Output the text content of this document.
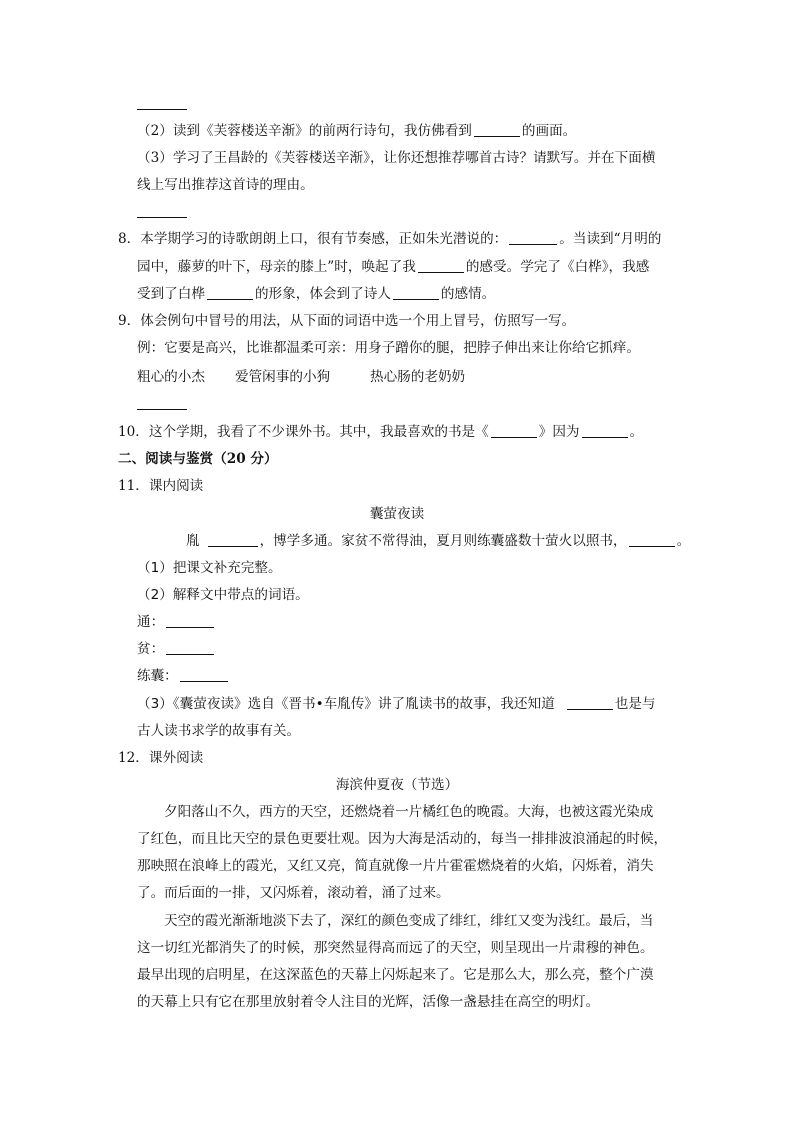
（2）读到《芙蓉楼送辛渐》的前两行诗句，我仿佛看到	的画面。
（3）学习了王昌龄的《芙蓉楼送辛渐》，让你还想推荐哪首古诗？请默写。并在下面横
线上写出推荐这首诗的理由。
8．本学期学习的诗歌朗朗上口，很有节奏感，正如朱光潜说的：	。当读到“月明的
园中，藤萝的叶下，母亲的膝上”时，唤起了我	的感受。学完了《白桦》，我感
受到了白桦	的形象，体会到了诗人	的感情。
9．体会例句中冒号的用法，从下面的词语中选一个用上冒号，仿照写一写。
例：它要是高兴，比谁都温柔可亲：用身子蹭你的腿，把脖子伸出来让你给它抓痒。
粗心的小杰 爱管闲事的小狗	热心肠的老奶奶
10．这个学期，我看了不少课外书。其中，我最喜欢的书是《	》因为	。
二、阅读与鉴赏（20 分）
11．课内阅读
囊萤夜读
胤	，博学多通。家贫不常得油，夏月则练囊盛数十萤火以照书，	。
（1）把课文补充完整。
（2）解释文中带点的词语。
通：
贫：
练囊：
（3）《囊萤夜读》选自《晋书•车胤传》讲了胤读书的故事，我还知道	也是与
古人读书求学的故事有关。
12．课外阅读
海滨仲夏夜（节选）
夕阳落山不久，西方的天空，还燃烧着一片橘红色的晚霞。大海，也被这霞光染成
了红色，而且比天空的景色更要壮观。因为大海是活动的，每当一排排波浪涌起的时候，
那映照在浪峰上的霞光，又红又亮，简直就像一片片霍霍燃烧着的火焰，闪烁着，消失
了。而后面的一排，又闪烁着，滚动着，涌了过来。
天空的霞光渐渐地淡下去了，深红的颜色变成了绯红，绯红又变为浅红。最后，当
这一切红光都消失了的时候，那突然显得高而远了的天空，则呈现出一片肃穆的神色。
最早出现的启明星，在这深蓝色的天幕上闪烁起来了。它是那么大，那么亮，整个广漠
的天幕上只有它在那里放射着令人注目的光辉，活像一盏悬挂在高空的明灯。
